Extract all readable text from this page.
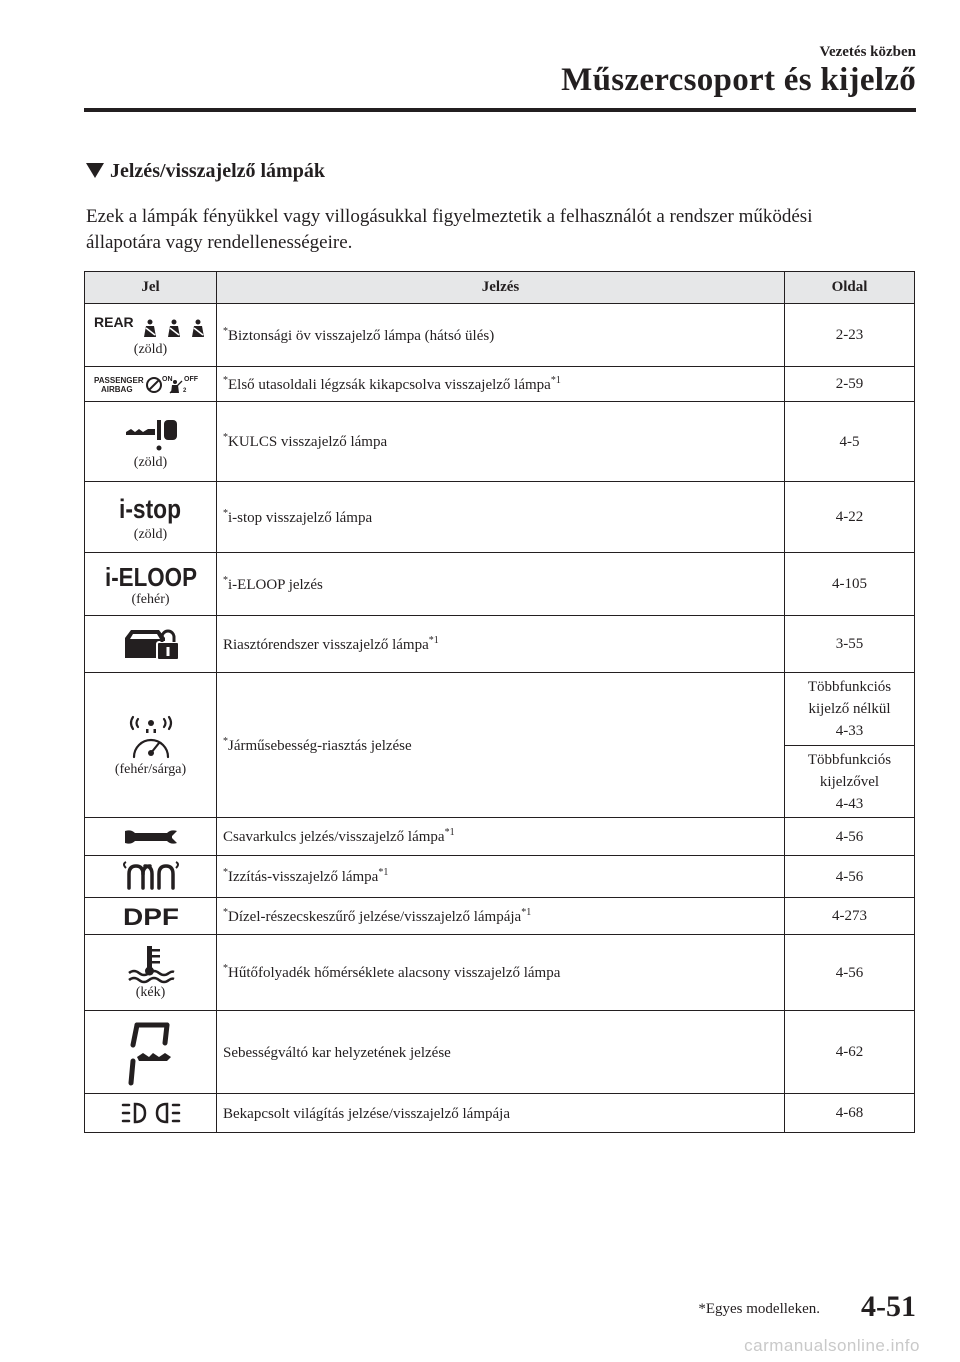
Vezetés közben
Műszercsoport és kijelző
Jelzés/visszajelző lámpák
Ezek a lámpák fényükkel vagy villogásukkal figyelmeztetik a felhasználót a rendszer működési állapotára vagy rendellenességeire.
Jel	Jelzés	Oldal

REAR
(zöld)	*Biztonsági öv visszajelző lámpa (hátsó ülés)	2-23

PASSENGER
AIRBAG
ON OFF
2	*Első utasoldali légzsák kikapcsolva visszajelző lámpa$^{*1}$	2-59

(zöld)	*KULCS visszajelző lámpa	4-5

i-stop
(zöld)	*i-stop visszajelző lámpa	4-22

i-ELOOP
(fehér)	*i-ELOOP jelzés	4-105

	Riasztórendszer visszajelző lámpa$^{*1}$	3-55

(fehér/sárga)	*Járműsebesség-riasztás jelzése	Többfunkciós
kijelző nélkül
4-33

		Többfunkciós
kijelzővel
4-43

	Csavarkulcs jelzés/visszajelző lámpa$^{*1}$	4-56

	*Izzítás-visszajelző lámpa$^{*1}$	4-56

DPF	*Dízel-részecskeszűrő jelzése/visszajelző lámpája$^{*1}$	4-273

(kék)	*Hűtőfolyadék hőmérséklete alacsony visszajelző lámpa	4-56

	Sebességváltó kar helyzetének jelzése	4-62

	Bekapcsolt világítás jelzése/visszajelző lámpája	4-68
*Egyes modelleken. 4-51
carmanualsonline.info
